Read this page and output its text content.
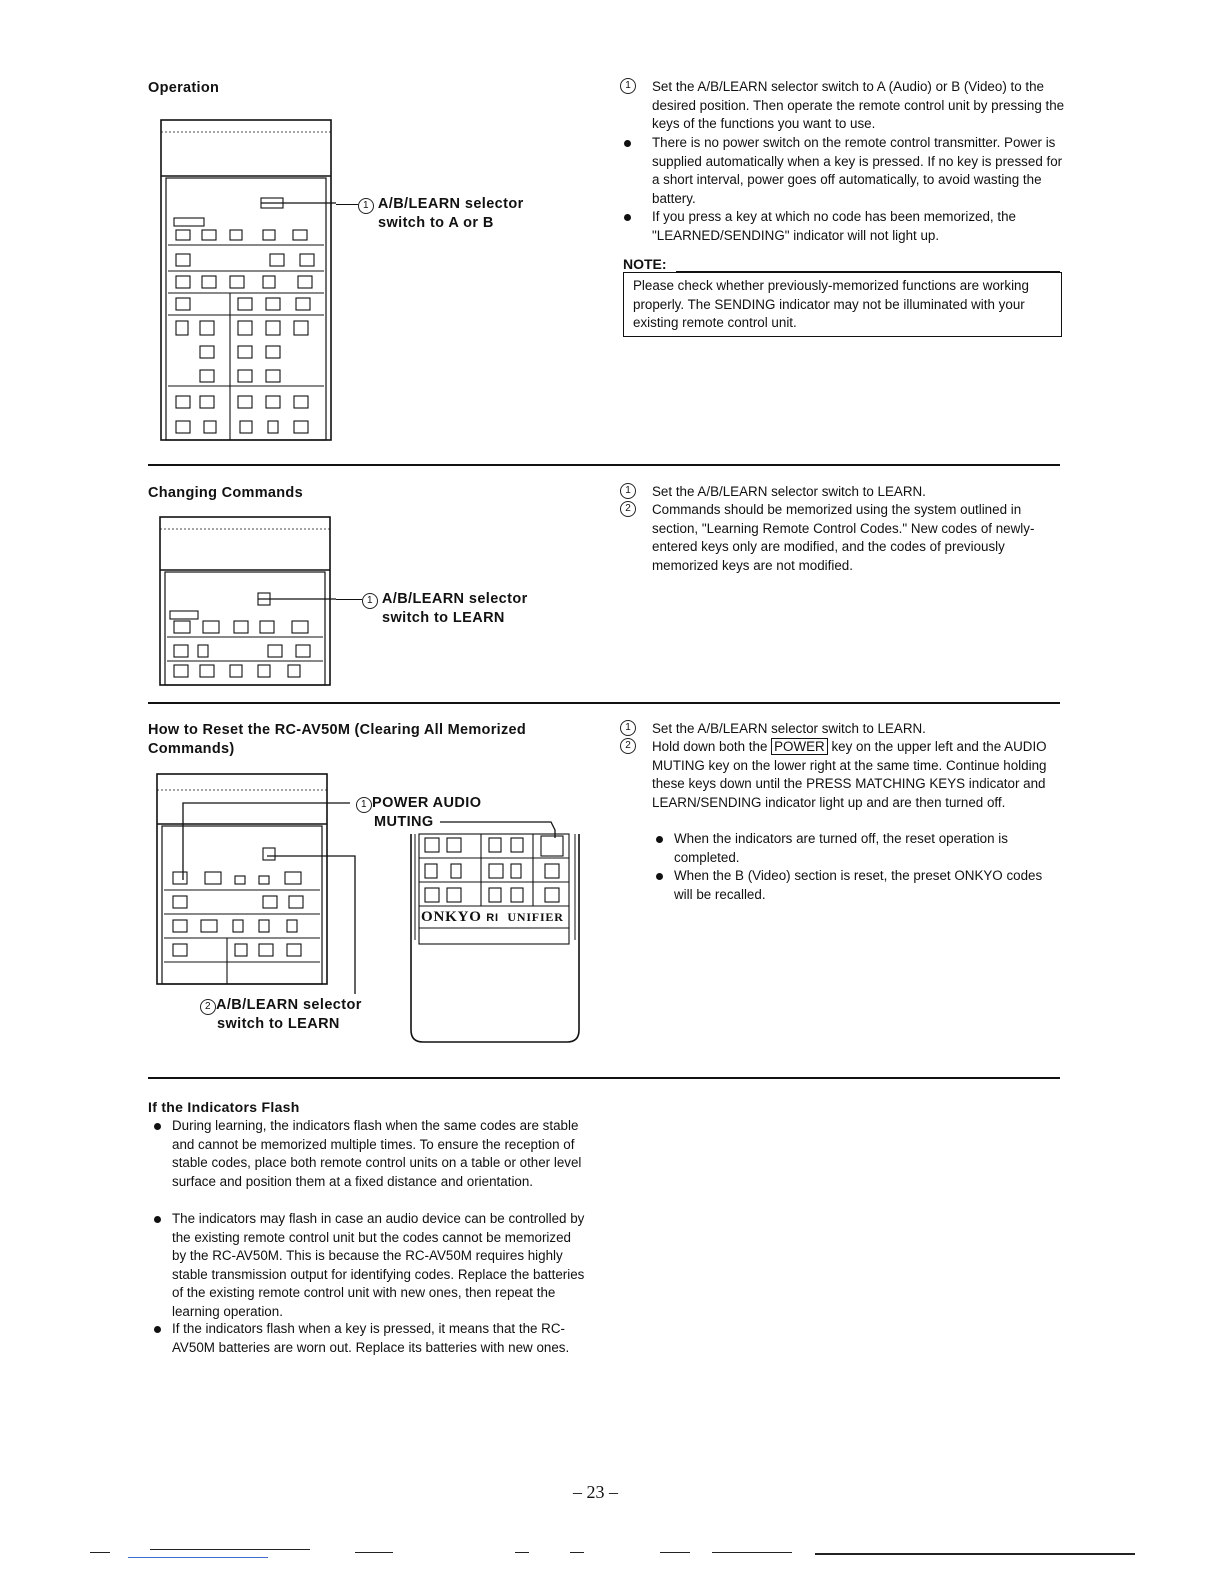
Operation
1 A/B/LEARN selector
switch to A or B
1	Set the A/B/LEARN selector switch to A (Audio) or B (Video) to the desired position. Then operate the remote control unit by pressing the keys of the functions you want to use.
There is no power switch on the remote control transmitter. Power is supplied automatically when a key is pressed. If no key is pressed for a short interval, power goes off automatically, to avoid wasting the battery.
If you press a key at which no code has been memorized, the "LEARNED/SENDING" indicator will not light up.
NOTE:
Please check whether previously-memorized functions are working properly. The SENDING indicator may not be illuminated with your existing remote control unit.
Changing Commands
1 A/B/LEARN selector
switch to LEARN
1	Set the A/B/LEARN selector switch to LEARN.
2	Commands should be memorized using the system outlined in section, "Learning Remote Control Codes." New codes of newly-entered keys only are modified, and the codes of previously memorized keys are not modified.
How to Reset the RC-AV50M (Clearing All Memorized
Commands)
ONKYO RI UNIFIER
1 POWER AUDIO
MUTING
2 A/B/LEARN selector
switch to LEARN
1	Set the A/B/LEARN selector switch to LEARN.
2	Hold down both the POWER key on the upper left and the AUDIO MUTING key on the lower right at the same time. Continue holding these keys down until the PRESS MATCHING KEYS indicator and LEARN/SENDING indicator light up and are then turned off.
When the indicators are turned off, the reset operation is completed.
When the B (Video) section is reset, the preset ONKYO codes will be recalled.
If the Indicators Flash
During learning, the indicators flash when the same codes are stable and cannot be memorized multiple times. To ensure the reception of stable codes, place both remote control units on a table or other level surface and position them at a fixed distance and orientation.
The indicators may flash in case an audio device can be controlled by the existing remote control unit but the codes cannot be memorized by the RC-AV50M. This is because the RC-AV50M requires highly stable transmission output for identifying codes. Replace the batteries of the existing remote control unit with new ones, then repeat the learning operation.
If the indicators flash when a key is pressed, it means that the RC-AV50M batteries are worn out. Replace its batteries with new ones.
– 23 –
